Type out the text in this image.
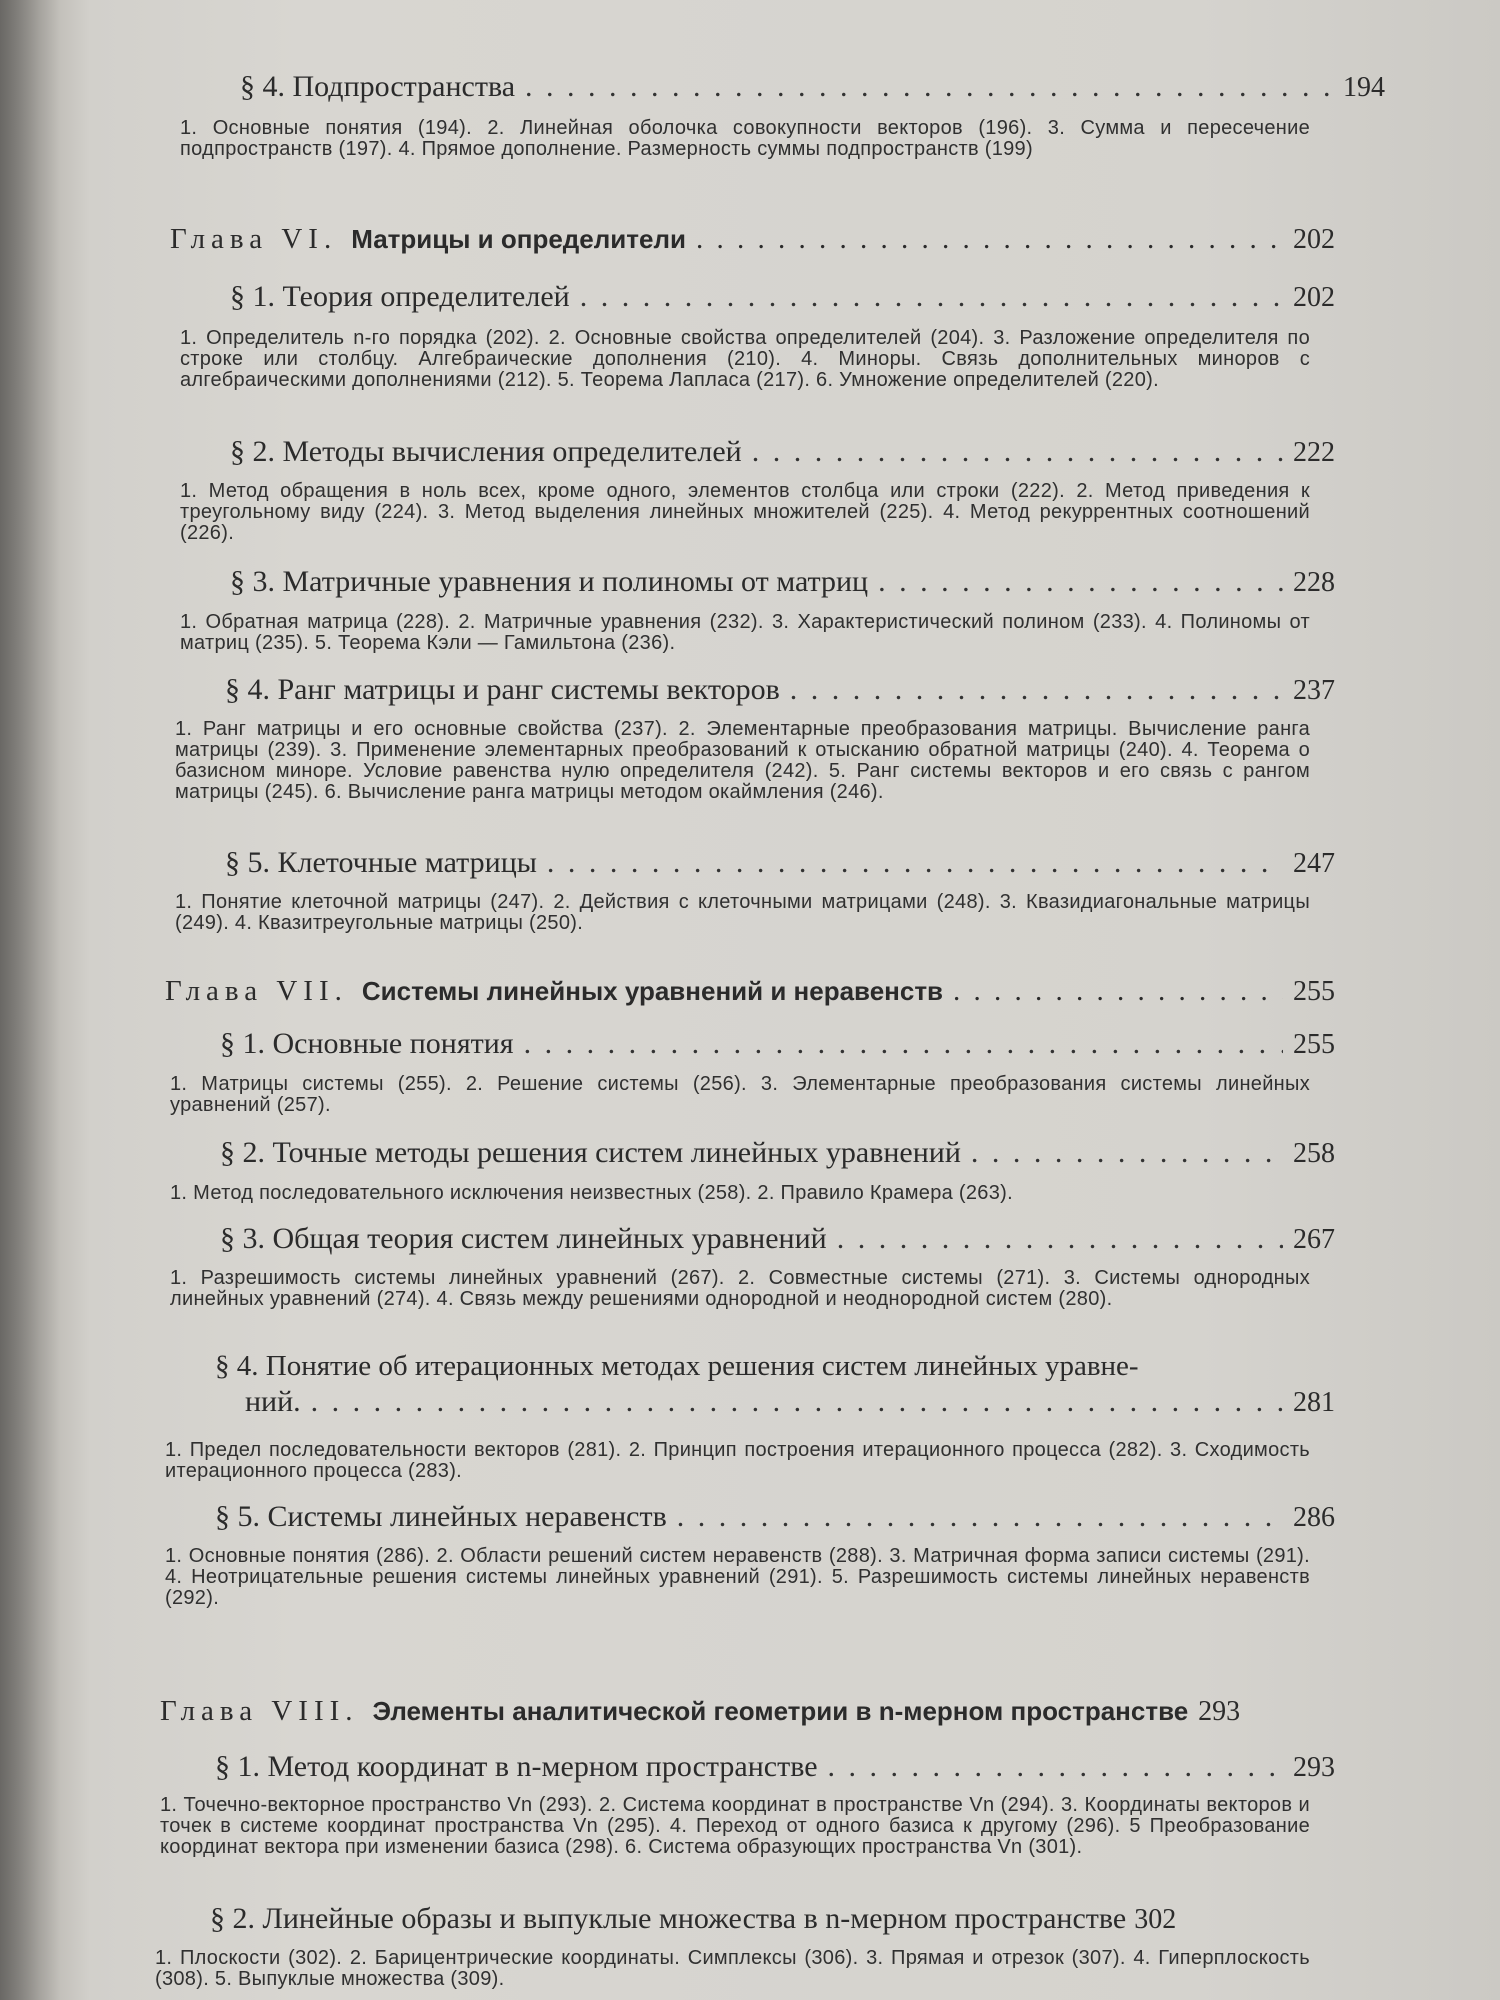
§ 4. Подпространства . . .	194
1. Основные понятия (194). 2. Линейная оболочка совокупности векторов (196). 3. Сумма и пересечение подпространств (197). 4. Прямое дополнение. Размерность суммы подпространств (199)
Глава VI. Матрицы и определители . . .	202
§ 1. Теория определителей . . .	202
1. Определитель n-го порядка (202). 2. Основные свойства определителей (204). 3. Разложение определителя по строке или столбцу. Алгебраические дополнения (210). 4. Миноры. Связь дополнительных миноров с алгебраическими дополнениями (212). 5. Теорема Лапласа (217). 6. Умножение определителей (220).
§ 2. Методы вычисления определителей . . .	222
1. Метод обращения в ноль всех, кроме одного, элементов столбца или строки (222). 2. Метод приведения к треугольному виду (224). 3. Метод выделения линейных множителей (225). 4. Метод рекуррентных соотношений (226).
§ 3. Матричные уравнения и полиномы от матриц . . .	228
1. Обратная матрица (228). 2. Матричные уравнения (232). 3. Характеристический полином (233). 4. Полиномы от матриц (235). 5. Теорема Кэли — Гамильтона (236).
§ 4. Ранг матрицы и ранг системы векторов . . .	237
1. Ранг матрицы и его основные свойства (237). 2. Элементарные преобразования матрицы. Вычисление ранга матрицы (239). 3. Применение элементарных преобразований к отысканию обратной матрицы (240). 4. Теорема о базисном миноре. Условие равенства нулю определителя (242). 5. Ранг системы векторов и его связь с рангом матрицы (245). 6. Вычисление ранга матрицы методом окаймления (246).
§ 5. Клеточные матрицы . . .	247
1. Понятие клеточной матрицы (247). 2. Действия с клеточными матрицами (248). 3. Квазидиагональные матрицы (249). 4. Квазитреугольные матрицы (250).
Глава VII. Системы линейных уравнений и неравенств . . .	255
§ 1. Основные понятия . . .	255
1. Матрицы системы (255). 2. Решение системы (256). 3. Элементарные преобразования системы линейных уравнений (257).
§ 2. Точные методы решения систем линейных уравнений . . .	258
1. Метод последовательного исключения неизвестных (258). 2. Правило Крамера (263).
§ 3. Общая теория систем линейных уравнений . . .	267
1. Разрешимость системы линейных уравнений (267). 2. Совместные системы (271). 3. Системы однородных линейных уравнений (274). 4. Связь между решениями однородной и неоднородной систем (280).
§ 4. Понятие об итерационных методах решения систем линейных уравне-
ний. . . .	281
1. Предел последовательности векторов (281). 2. Принцип построения итерационного процесса (282). 3. Сходимость итерационного процесса (283).
§ 5. Системы линейных неравенств . . .	286
1. Основные понятия (286). 2. Области решений систем неравенств (288). 3. Матричная форма записи системы (291). 4. Неотрицательные решения системы линейных уравнений (291). 5. Разрешимость системы линейных неравенств (292).
Глава VIII. Элементы аналитической геометрии в n-мерном пространстве 293
§ 1. Метод координат в n-мерном пространстве . . .	293
1. Точечно-векторное пространство Vn (293). 2. Система координат в пространстве Vn (294). 3. Координаты векторов и точек в системе координат пространства Vn (295). 4. Переход от одного базиса к другому (296). 5 Преобразование координат вектора при изменении базиса (298). 6. Система образующих пространства Vn (301).
§ 2. Линейные образы и выпуклые множества в n-мерном пространстве 302
1. Плоскости (302). 2. Барицентрические координаты. Симплексы (306). 3. Прямая и отрезок (307). 4. Гиперплоскость (308). 5. Выпуклые множества (309).
